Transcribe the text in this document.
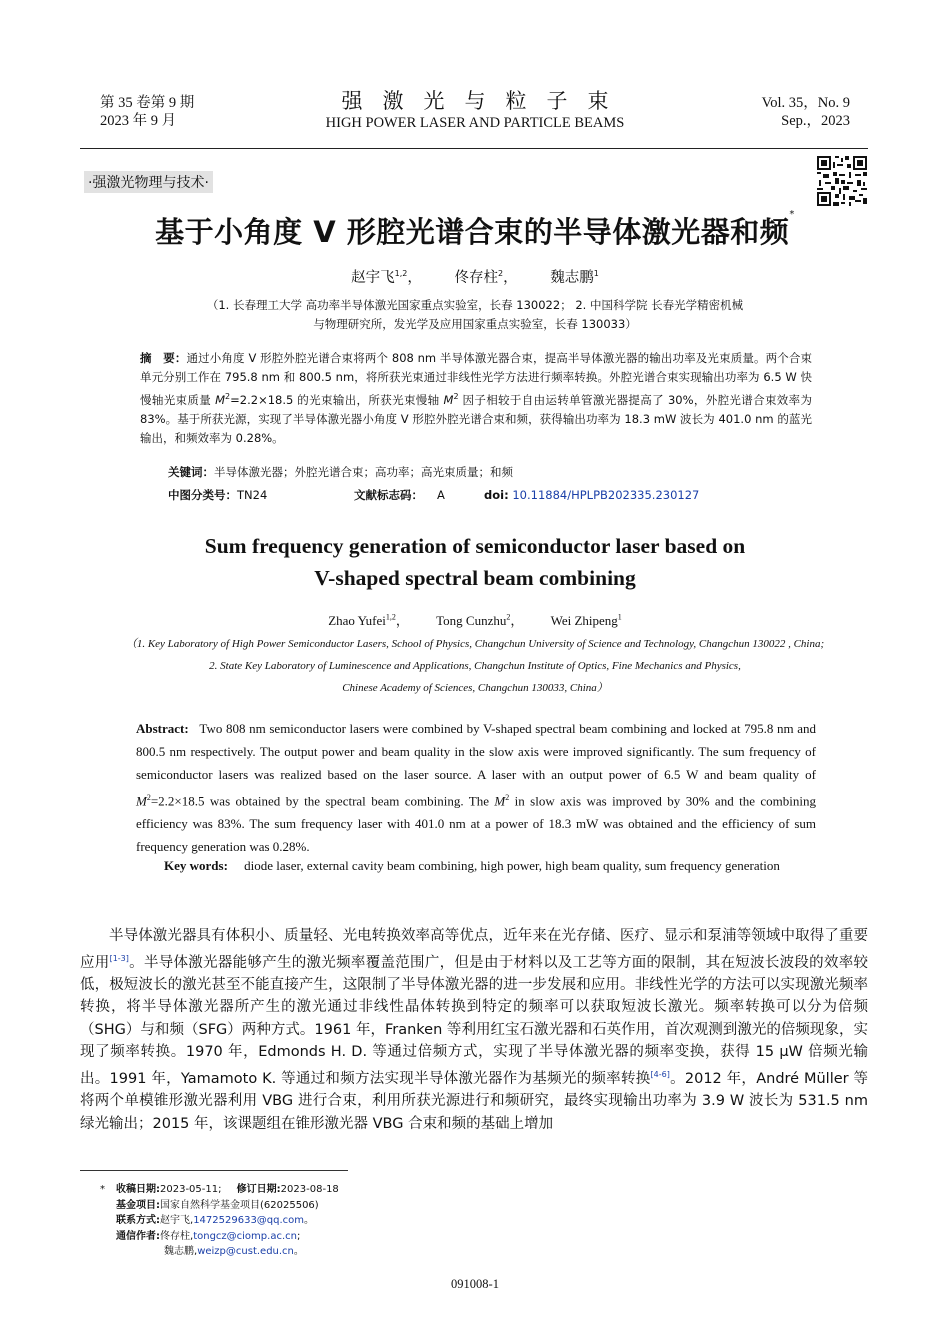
第 35 卷第 9 期
2023 年 9 月
强激光与粒子束
HIGH POWER LASER AND PARTICLE BEAMS
Vol. 35，No. 9
Sep.，2023
·强激光物理与技术·
基于小角度 V 形腔光谱合束的半导体激光器和频*
赵宇飞$^{1,2}$， 佟存柱$^2$， 魏志鹏$^1$
（1. 长春理工大学 高功率半导体激光国家重点实验室，长春 130022； 2. 中国科学院 长春光学精密机械
与物理研究所，发光学及应用国家重点实验室，长春 130033）
摘　要：通过小角度 V 形腔外腔光谱合束将两个 808 nm 半导体激光器合束，提高半导体激光器的输出功率及光束质量。两个合束单元分别工作在 795.8 nm 和 800.5 nm，将所获光束通过非线性光学方法进行频率转换。外腔光谱合束实现输出功率为 6.5 W 快慢轴光束质量 $M^2=2.2\times 18.5$ 的光束输出，所获光束慢轴 $M^2$ 因子相较于自由运转单管激光器提高了 30%，外腔光谱合束效率为 83%。基于所获光源，实现了半导体激光器小角度 V 形腔外腔光谱合束和频，获得输出功率为 18.3 mW 波长为 401.0 nm 的蓝光输出，和频效率为 0.28%。
关键词：半导体激光器；外腔光谱合束；高功率；高光束质量；和频
中图分类号：TN24	文献标志码： A	doi: 10.11884/HPLPB202335.230127
Sum frequency generation of semiconductor laser based on
V-shaped spectral beam combining
Zhao Yufei$^{1,2}$， Tong Cunzhu$^2$， Wei Zhipeng$^1$
（1. Key Laboratory of High Power Semiconductor Lasers, School of Physics, Changchun University of Science and Technology, Changchun 130022 , China;
2. State Key Laboratory of Luminescence and Applications, Changchun Institute of Optics, Fine Mechanics and Physics,
Chinese Academy of Sciences, Changchun 130033, China）
Abstract: Two 808 nm semiconductor lasers were combined by V-shaped spectral beam combining and locked at 795.8 nm and 800.5 nm respectively. The output power and beam quality in the slow axis were improved significantly. The sum frequency of semiconductor lasers was realized based on the laser source. A laser with an output power of 6.5 W and beam quality of $M^2=2.2\times 18.5$ was obtained by the spectral beam combining. The $M^2$ in slow axis was improved by 30% and the combining efficiency was 83%. The sum frequency laser with 401.0 nm at a power of 18.3 mW was obtained and the efficiency of sum frequency generation was 0.28%.
Key words: diode laser, external cavity beam combining, high power, high beam quality, sum frequency generation
半导体激光器具有体积小、质量轻、光电转换效率高等优点，近年来在光存储、医疗、显示和泵浦等领域中取得了重要应用[1-3]。半导体激光器能够产生的激光频率覆盖范围广，但是由于材料以及工艺等方面的限制，其在短波长波段的效率较低，极短波长的激光甚至不能直接产生，这限制了半导体激光器的进一步发展和应用。非线性光学的方法可以实现激光频率转换，将半导体激光器所产生的激光通过非线性晶体转换到特定的频率可以获取短波长激光。频率转换可以分为倍频（SHG）与和频（SFG）两种方式。1961 年，Franken 等利用红宝石激光器和石英作用，首次观测到激光的倍频现象，实现了频率转换。1970 年，Edmonds H. D. 等通过倍频方式，实现了半导体激光器的频率变换，获得 15 μW 倍频光输出。1991 年，Yamamoto K. 等通过和频方法实现半导体激光器作为基频光的频率转换[4-6]。2012 年，André Müller 等将两个单模锥形激光器利用 VBG 进行合束，利用所获光源进行和频研究，最终实现输出功率为 3.9 W 波长为 531.5 nm 绿光输出；2015 年，该课题组在锥形激光器 VBG 合束和频的基础上增加
* 收稿日期:2023-05-11; 修订日期:2023-08-18
基金项目:国家自然科学基金项目(62025506)
联系方式:赵宇飞,1472529633@qq.com。
通信作者:佟存柱,tongcz@ciomp.ac.cn;
魏志鹏,weizp@cust.edu.cn。
091008-1
